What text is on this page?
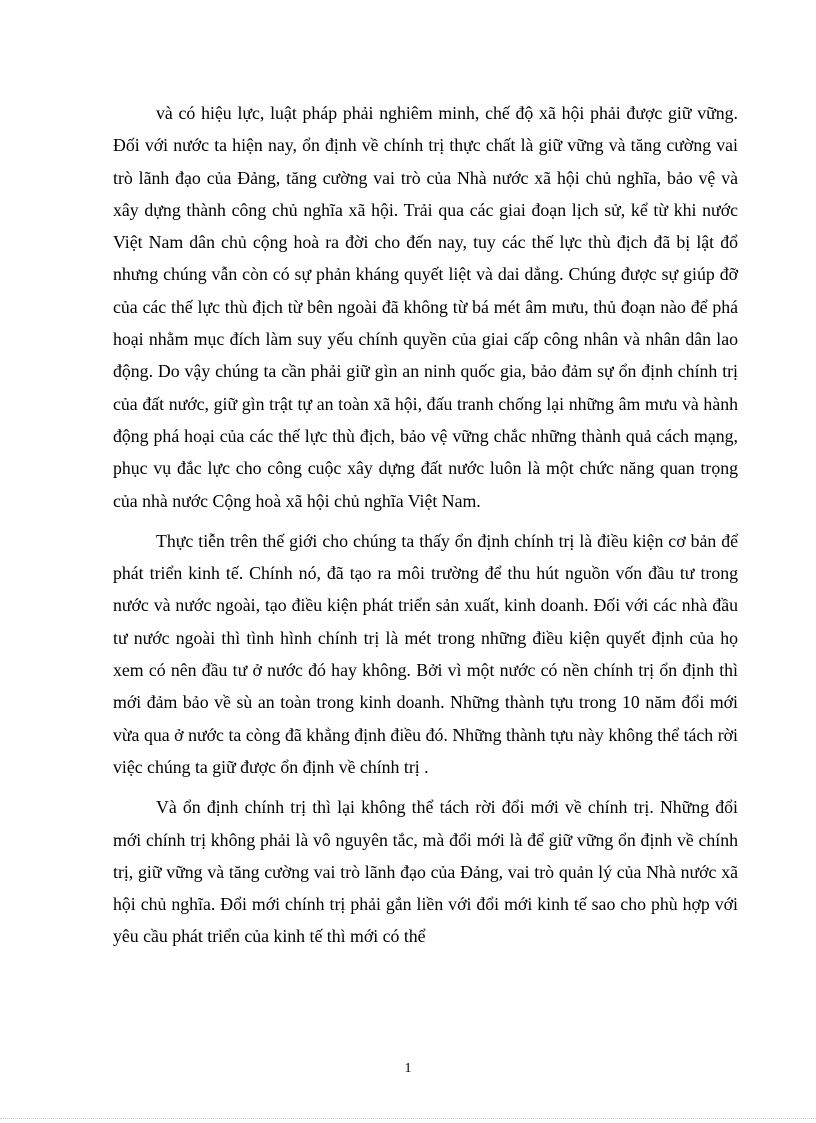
và có hiệu lực, luật pháp phải nghiêm minh, chế độ xã hội phải được giữ vững. Đối với nước ta hiện nay, ổn định về chính trị thực chất là giữ vững và tăng cường vai trò lãnh đạo của Đảng, tăng cường vai trò của Nhà nước xã hội chủ nghĩa, bảo vệ và xây dựng thành công chủ nghĩa xã hội. Trải qua các giai đoạn lịch sử, kể từ khi nước Việt Nam dân chủ cộng hoà ra đời cho đến nay, tuy các thế lực thù địch đã bị lật đổ nhưng chúng vẫn còn có sự phản kháng quyết liệt và dai dẳng. Chúng được sự giúp đỡ của các thế lực thù địch từ bên ngoài đã không từ bá mét âm mưu, thủ đoạn nào để phá hoại nhằm mục đích làm suy yếu chính quyền của giai cấp công nhân và nhân dân lao động. Do vậy chúng ta cần phải giữ gìn an ninh quốc gia, bảo đảm sự ổn định chính trị của đất nước, giữ gìn trật tự an toàn xã hội, đấu tranh chống lại những âm mưu và hành động phá hoại của các thế lực thù địch, bảo vệ vững chắc những thành quả cách mạng, phục vụ đắc lực cho công cuộc xây dựng đất nước luôn là một chức năng quan trọng của nhà nước Cộng hoà xã hội chủ nghĩa Việt Nam.

Thực tiễn trên thế giới cho chúng ta thấy ổn định chính trị là điều kiện cơ bản để phát triển kinh tế. Chính nó, đã tạo ra môi trường để thu hút nguồn vốn đầu tư trong nước và nước ngoài, tạo điều kiện phát triển sản xuất, kinh doanh. Đối với các nhà đầu tư nước ngoài thì tình hình chính trị là mét trong những điều kiện quyết định của họ xem có nên đầu tư ở nước đó hay không. Bởi vì một nước có nền chính trị ổn định thì mới đảm bảo về sù an toàn trong kinh doanh. Những thành tựu trong 10 năm đổi mới vừa qua ở nước ta còng đã khẳng định điều đó. Những thành tựu này không thể tách rời việc chúng ta giữ được ổn định về chính trị .

Và ổn định chính trị thì lại không thể tách rời đổi mới về chính trị. Những đổi mới chính trị không phải là vô nguyên tắc, mà đổi mới là để giữ vững ổn định về chính trị, giữ vững và tăng cường vai trò lãnh đạo của Đảng, vai trò quản lý của Nhà nước xã hội chủ nghĩa. Đổi mới chính trị phải gắn liền với đổi mới kinh tế sao cho phù hợp với yêu cầu phát triển của kinh tế thì mới có thể

1
